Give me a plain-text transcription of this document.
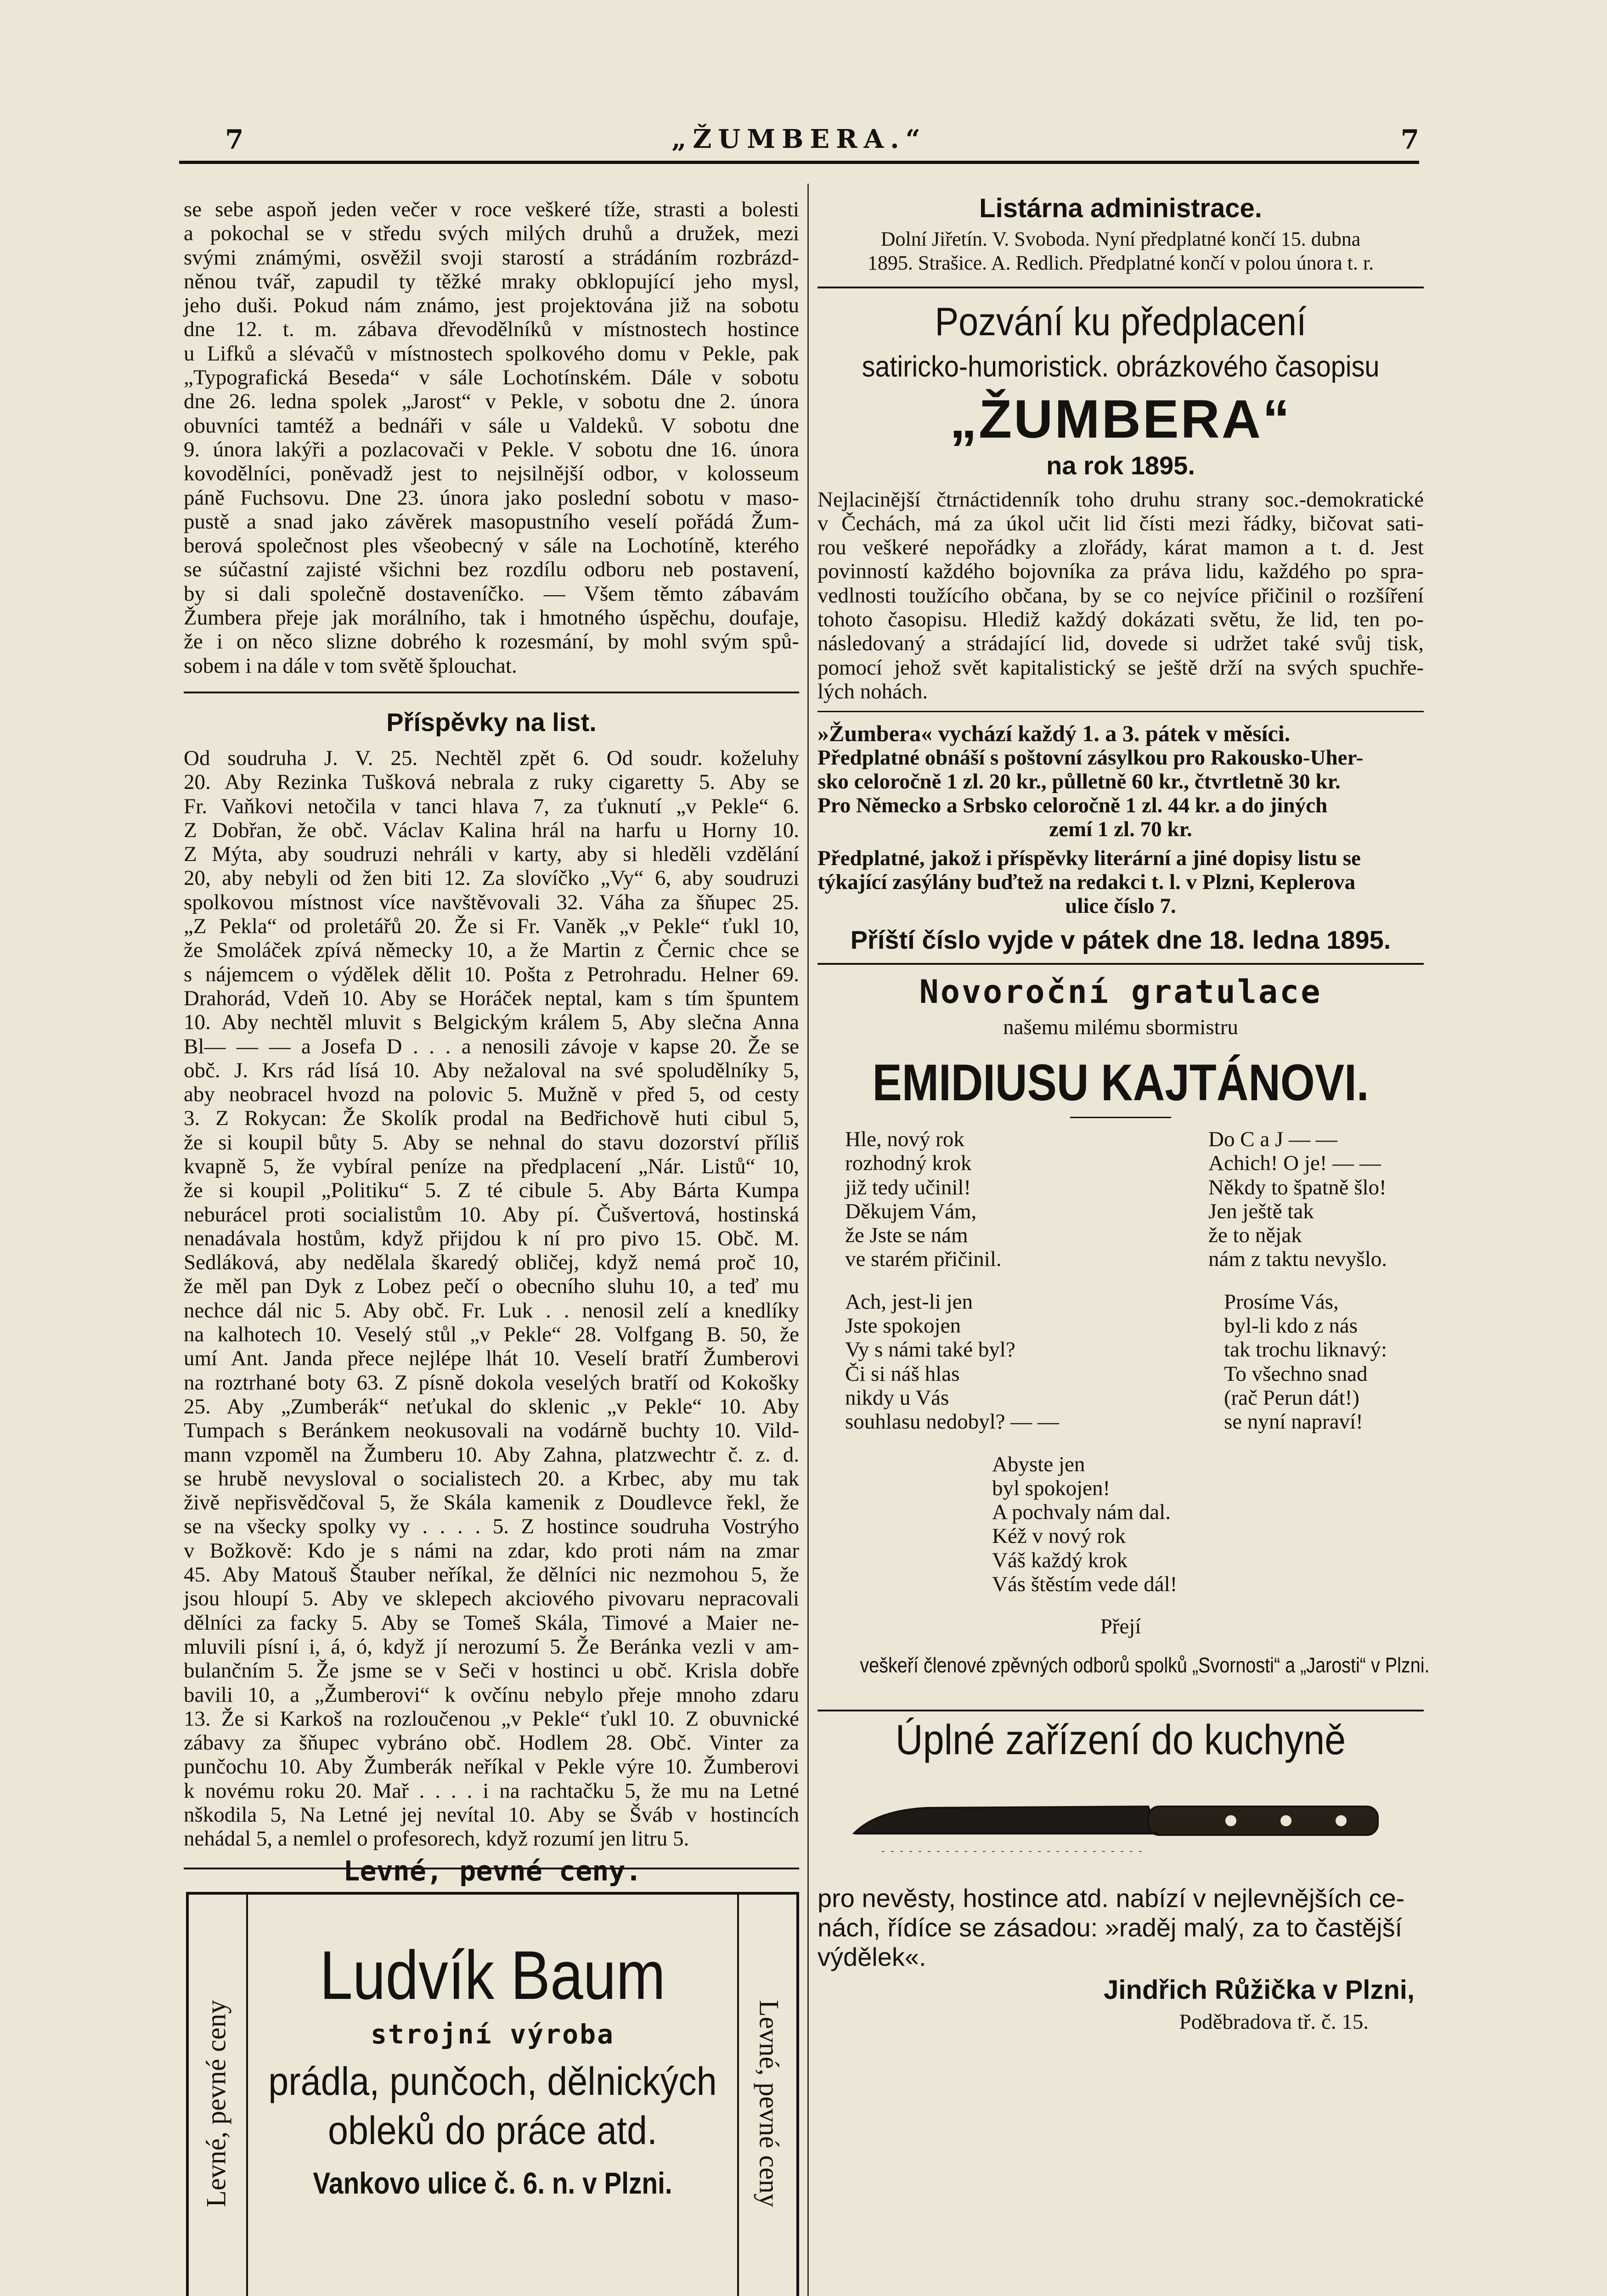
7	„ŽUMBERA.“	7
se sebe aspoň jeden večer v roce veškeré tíže, strasti a bolesti
a pokochal se v středu svých milých druhů a družek, mezi
svými známými, osvěžil svoji starostí a strádáním rozbrázd-
něnou tvář, zapudil ty těžké mraky obklopující jeho mysl,
jeho duši. Pokud nám známo, jest projektována již na sobotu
dne 12. t. m. zábava dřevodělníků v místnostech hostince
u Lifků a slévačů v místnostech spolkového domu v Pekle, pak
„Typografická Beseda“ v sále Lochotínském. Dále v sobotu
dne 26. ledna spolek „Jarost“ v Pekle, v sobotu dne 2. února
obuvníci tamtéž a bednáři v sále u Valdeků. V sobotu dne
9. února lakýři a pozlacovači v Pekle. V sobotu dne 16. února
kovodělníci, poněvadž jest to nejsilnější odbor, v kolosseum
páně Fuchsovu. Dne 23. února jako poslední sobotu v maso-
pustě a snad jako závěrek masopustního veselí pořádá Žum-
berová společnost ples všeobecný v sále na Lochotíně, kterého
se súčastní zajisté všichni bez rozdílu odboru neb postavení,
by si dali společně dostaveníčko. — Všem těmto zábavám
Žumbera přeje jak morálního, tak i hmotného úspěchu, doufaje,
že i on něco slizne dobrého k rozesmání, by mohl svým spů-
sobem i na dále v tom světě šplouchat.

Příspěvky na list.

Od soudruha J. V. 25. Nechtěl zpět 6. Od soudr. koželuhy
20. Aby Rezinka Tušková nebrala z ruky cigaretty 5. Aby se
Fr. Vaňkovi netočila v tanci hlava 7, za ťuknutí „v Pekle“ 6.
Z Dobřan, že obč. Václav Kalina hrál na harfu u Horny 10.
Z Mýta, aby soudruzi nehráli v karty, aby si hleděli vzdělání
20, aby nebyli od žen biti 12. Za slovíčko „Vy“ 6, aby soudruzi
spolkovou místnost více navštěvovali 32. Váha za šňupec 25.
„Z Pekla“ od proletářů 20. Že si Fr. Vaněk „v Pekle“ ťukl 10,
že Smoláček zpívá německy 10, a že Martin z Černic chce se
s nájemcem o výdělek dělit 10. Pošta z Petrohradu. Helner 69.
Drahorád, Vdeň 10. Aby se Horáček neptal, kam s tím špuntem
10. Aby nechtěl mluvit s Belgickým králem 5, Aby slečna Anna
Bl— — — a Josefa D . . . a nenosili závoje v kapse 20. Že se
obč. J. Krs rád lísá 10. Aby nežaloval na své spoludělníky 5,
aby neobracel hvozd na polovic 5. Mužně v před 5, od cesty
3. Z Rokycan: Že Skolík prodal na Bedřichově huti cibul 5,
že si koupil bůty 5. Aby se nehnal do stavu dozorství příliš
kvapně 5, že vybíral peníze na předplacení „Nár. Listů“ 10,
že si koupil „Politiku“ 5. Z té cibule 5. Aby Bárta Kumpa
neburácel proti socialistům 10. Aby pí. Čušvertová, hostinská
nenadávala hostům, když přijdou k ní pro pivo 15. Obč. M.
Sedláková, aby nedělala škaredý obličej, když nemá proč 10,
že měl pan Dyk z Lobez pečí o obecního sluhu 10, a teď mu
nechce dál nic 5. Aby obč. Fr. Luk . . nenosil zelí a knedlíky
na kalhotech 10. Veselý stůl „v Pekle“ 28. Volfgang B. 50, že
umí Ant. Janda přece nejlépe lhát 10. Veselí bratří Žumberovi
na roztrhané boty 63. Z písně dokola veselých bratří od Kokošky
25. Aby „Zumberák“ neťukal do sklenic „v Pekle“ 10. Aby
Tumpach s Beránkem neokusovali na vodárně buchty 10. Vild-
mann vzpoměl na Žumberu 10. Aby Zahna, platzwechtr č. z. d.
se hrubě nevysloval o socialistech 20. a Krbec, aby mu tak
živě nepřisvědčoval 5, že Skála kamenik z Doudlevce řekl, že
se na všecky spolky vy . . . . 5. Z hostince soudruha Vostrýho
v Božkově: Kdo je s námi na zdar, kdo proti nám na zmar
45. Aby Matouš Štauber neříkal, že dělníci nic nezmohou 5, že
jsou hloupí 5. Aby ve sklepech akciového pivovaru nepracovali
dělníci za facky 5. Aby se Tomeš Skála, Timové a Maier ne-
mluvili písní i, á, ó, když jí nerozumí 5. Že Beránka vezli v am-
bulančním 5. Že jsme se v Seči v hostinci u obč. Krisla dobře
bavili 10, a „Žumberovi“ k ovčínu nebylo přeje mnoho zdaru
13. Že si Karkoš na rozloučenou „v Pekle“ ťukl 10. Z obuvnické
zábavy za šňupec vybráno obč. Hodlem 28. Obč. Vinter za
punčochu 10. Aby Žumberák neříkal v Pekle výre 10. Žumberovi
k novému roku 20. Mař . . . . i na rachtačku 5, že mu na Letné
nškodila 5, Na Letné jej nevítal 10. Aby se Šváb v hostincích
nehádal 5, a nemlel o profesorech, když rozumí jen litru 5.
Levné, pevné ceny.
Levné, pevné ceny	Levné, pevné ceny
Ludvík Baum
strojní výroba
prádla, punčoch, dělnických
obleků do práce atd.
Vankovo ulice č. 6. n. v Plzni.

Listárna administrace.

Dolní Jiřetín. V. Svoboda. Nyní předplatné končí 15. dubna

1895. Strašice. A. Redlich. Předplatné končí v polou února t. r.

Pozvání ku předplacení

satiricko-humoristick. obrázkového časopisu

„ŽUMBERA“

na rok 1895.

Nejlacinější čtrnáctidenník toho druhu strany soc.-demokratické
v Čechách, má za úkol učit lid čísti mezi řádky, bičovat sati-
rou veškeré nepořádky a zlořády, kárat mamon a t. d. Jest
povinností každého bojovníka za práva lidu, každého po spra-
vedlnosti toužícího občana, by se co nejvíce přičinil o rozšíření
tohoto časopisu. Hlediž každý dokázati světu, že lid, ten po-
následovaný a strádající lid, dovede si udržet také svůj tisk,
pomocí jehož svět kapitalistický se ještě drží na svých spuchře-
lých nohách.

»Žumbera« vychází každý 1. a 3. pátek v měsíci.

Předplatné obnáší s poštovní zásylkou pro Rakousko-Uher-

sko celoročně 1 zl. 20 kr., půlletně 60 kr., čtvrtletně 30 kr.

Pro Německo a Srbsko celoročně 1 zl. 44 kr. a do jiných

zemí 1 zl. 70 kr.

Předplatné, jakož i příspěvky literární a jiné dopisy listu se

týkající zasýlány buďtež na redakci t. l. v Plzni, Keplerova

ulice číslo 7.

Příští číslo vyjde v pátek dne 18. ledna 1895.

Novoroční gratulace

našemu milému sbormistru

EMIDIUSU KAJTÁNOVI.

Hle, nový rok
rozhodný krok
již tedy učinil!
Děkujem Vám,
že Jste se nám
ve starém přičinil.
Do C a J — —
Achich! O je! — —
Někdy to špatně šlo!
Jen ještě tak
že to nějak
nám z taktu nevyšlo.
Ach, jest-li jen
Jste spokojen
Vy s námi také byl?
Či si náš hlas
nikdy u Vás
souhlasu nedobyl? — —
Prosíme Vás,
byl-li kdo z nás
tak trochu liknavý:
To všechno snad
(rač Perun dát!)
se nyní napraví!
Abyste jen
byl spokojen!
A pochvaly nám dal.
Kéž v nový rok
Váš každý krok
Vás štěstím vede dál!

Přejí

veškeří členové zpěvných odborů spolků „Svornosti“ a „Jarosti“ v Plzni.

Úplné zařízení do kuchyně

pro nevěsty, hostince atd. nabízí v nejlevnějších ce-

nách, řídíce se zásadou: »raděj malý, za to častější

výdělek«.

Jindřich Růžička v Plzni,

Poděbradova tř. č. 15.
